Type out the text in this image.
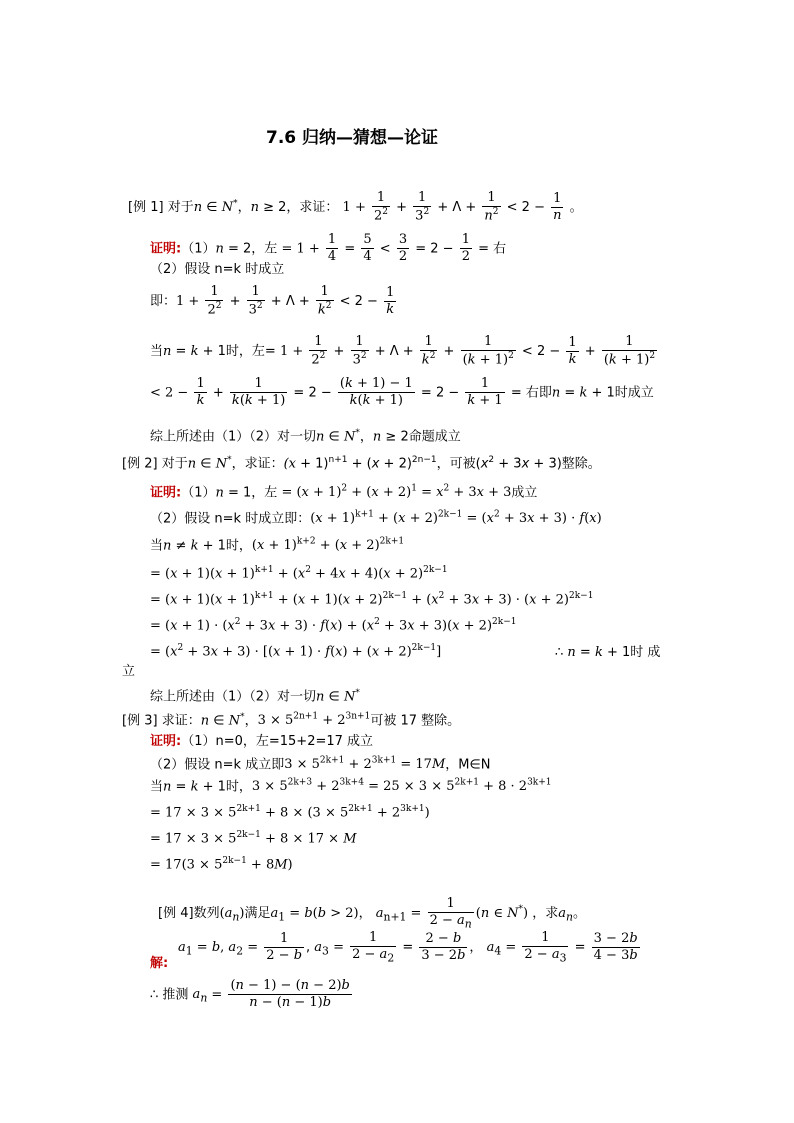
7.6 归纳—猜想—论证
[例 1] 对于n ∈ N*，n ≥ 2，求证： $1 + \frac{1}{2^2} + \frac{1}{3^2} + \Lambda + \frac{1}{n^2} < 2 - \frac{1}{n}$ 。
证明:（1）n = 2，左 = $1 + \frac{1}{4} = \frac{5}{4} < \frac{3}{2} = 2 - \frac{1}{2}$ = 右
（2）假设 n=k 时成立
即：$1 + \frac{1}{2^2} + \frac{1}{3^2} + \Lambda + \frac{1}{k^2} < 2 - \frac{1}{k}$
当n = k + 1时，左= $1 + \frac{1}{2^2} + \frac{1}{3^2} + \Lambda + \frac{1}{k^2} + \frac{1}{(k + 1)^2} < 2 - \frac{1}{k} + \frac{1}{(k + 1)^2}$
< $2 - \frac{1}{k} + \frac{1}{k(k + 1)} = 2 - \frac{(k + 1) - 1}{k(k + 1)} = 2 - \frac{1}{k + 1}$ = 右即n = k + 1时成立
综上所述由（1）（2）对一切n ∈ N*，n ≥ 2命题成立
[例 2] 对于n ∈ N*，求证：$(x + 1)^{n+1} + (x + 2)^{2n-1}$，可被$(x^2 + 3x + 3)$整除。
证明:（1）n = 1，左 = $(x + 1)^2 + (x + 2)^1 = x^2 + 3x + 3$成立
（2）假设 n=k 时成立即：$(x + 1)^{k+1} + (x + 2)^{2k-1} = (x^2 + 3x + 3) \cdot f(x)$
当n ≠ k + 1时，$(x + 1)^{k+2} + (x + 2)^{2k+1}$
= $(x + 1)(x + 1)^{k+1} + (x^2 + 4x + 4)(x + 2)^{2k-1}$
= $(x + 1)(x + 1)^{k+1} + (x + 1)(x + 2)^{2k-1} + (x^2 + 3x + 3) \cdot (x + 2)^{2k-1}$
= $(x + 1) \cdot (x^2 + 3x + 3) \cdot f(x) + (x^2 + 3x + 3)(x + 2)^{2k-1}$
= $(x^2 + 3x + 3) \cdot [(x + 1) \cdot f(x) + (x + 2)^{2k-1}]$	∴ n = k + 1时 成
立
综上所述由（1）（2）对一切n ∈ N*
[例 3] 求证：n ∈ N*，$3 \times 5^{2n+1} + 2^{3n+1}$可被 17 整除。
证明:（1）n=0，左=15+2=17 成立
（2）假设 n=k 成立即$3 \times 5^{2k+1} + 2^{3k+1} = 17M$，M∈N
当n = k + 1时，$3 \times 5^{2k+3} + 2^{3k+4} = 25 \times 3 \times 5^{2k+1} + 8 \cdot 2^{3k+1}$
= $17 \times 3 \times 5^{2k+1} + 8 \times (3 \times 5^{2k+1} + 2^{3k+1})$
= $17 \times 3 \times 5^{2k-1} + 8 \times 17 \times M$
= $17(3 \times 5^{2k-1} + 8M)$
[例 4]数列$(a_n)$满足$a_1 = b(b > 2)$， $a_{n+1} = \frac{1}{2 - a_n} (n$ ∈ N*) ，求$a_n$。
$a_1 = b$, $a_2 = \frac{1}{2 - b}$ , $a_3 = \frac{1}{2 - a_2} = \frac{2 - b}{3 - 2b}$ ， $a_4 = \frac{1}{2 - a_3} = \frac{3 - 2b}{4 - 3b}$
解:
∴ 推测 $a_n = \frac{(n - 1) - (n - 2)b}{n - (n - 1)b}$
